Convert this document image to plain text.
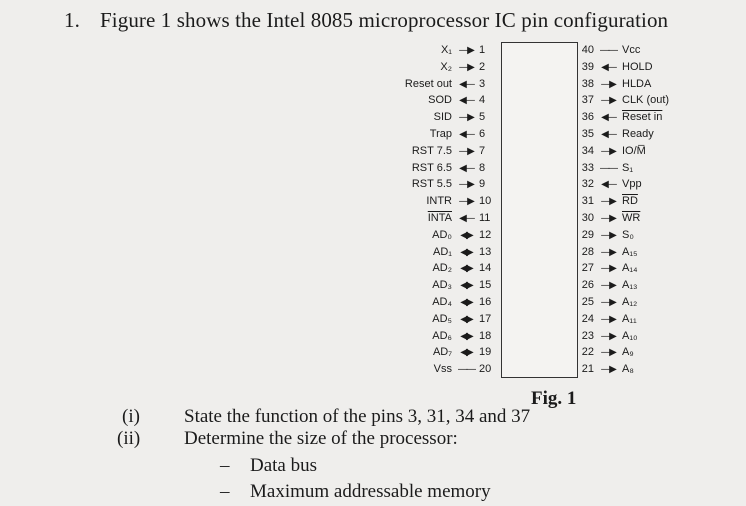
1. Figure 1 shows the Intel 8085 microprocessor IC pin configuration
X₁ —▶ 1
X₂ —▶ 2
Reset out ◀— 3
SOD ◀— 4
SID —▶ 5
Trap ◀— 6
RST 7.5 —▶ 7
RST 6.5 ◀— 8
RST 5.5 —▶ 9
INTR —▶ 10
INTA ◀— 11
AD₀ ◀▶ 12
AD₁ ◀▶ 13
AD₂ ◀▶ 14
AD₃ ◀▶ 15
AD₄ ◀▶ 16
AD₅ ◀▶ 17
AD₆ ◀▶ 18
AD₇ ◀▶ 19
Vss —— 20
40 —— Vcc
39 ◀— HOLD
38 —▶ HLDA
37 —▶ CLK (out)
36 ◀— Reset in
35 ◀— Ready
34 —▶ IO/M̅
33 —— S₁
32 ◀— Vpp
31 —▶ $\overline{RD}$
30 —▶ $\overline{WR}$
29 —▶ S₀
28 —▶ A₁₅
27 —▶ A₁₄
26 —▶ A₁₃
25 —▶ A₁₂
24 —▶ A₁₁
23 —▶ A₁₀
22 —▶ A₉
21 —▶ A₈
Fig. 1
(i)	State the function of the pins 3, 31, 34 and 37
(ii)	Determine the size of the processor:
– Data bus
– Maximum addressable memory
